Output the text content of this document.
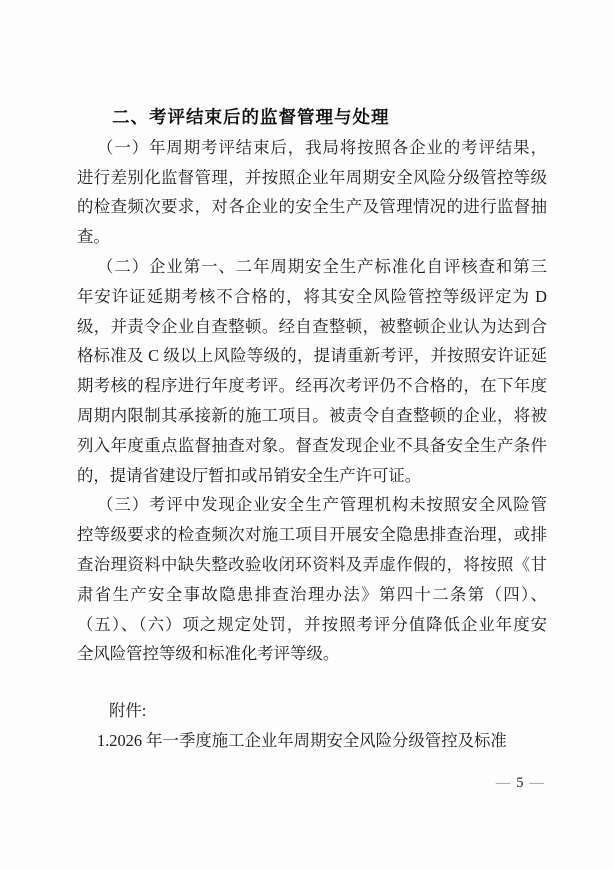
二、考评结束后的监督管理与处理
（一）年周期考评结束后，我局将按照各企业的考评结果，
进行差别化监督管理，并按照企业年周期安全风险分级管控等级
的检查频次要求，对各企业的安全生产及管理情况的进行监督抽
查。
（二）企业第一、二年周期安全生产标准化自评核查和第三
年安许证延期考核不合格的，将其安全风险管控等级评定为 D
级，并责令企业自查整顿。经自查整顿，被整顿企业认为达到合
格标准及 C 级以上风险等级的，提请重新考评，并按照安许证延
期考核的程序进行年度考评。经再次考评仍不合格的，在下年度
周期内限制其承接新的施工项目。被责令自查整顿的企业，将被
列入年度重点监督抽查对象。督查发现企业不具备安全生产条件
的，提请省建设厅暂扣或吊销安全生产许可证。
（三）考评中发现企业安全生产管理机构未按照安全风险管
控等级要求的检查频次对施工项目开展安全隐患排查治理，或排
查治理资料中缺失整改验收闭环资料及弄虚作假的，将按照《甘
肃省生产安全事故隐患排查治理办法》第四十二条第（四）、
（五）、（六）项之规定处罚，并按照考评分值降低企业年度安
全风险管控等级和标准化考评等级。
附件:
1.2026 年一季度施工企业年周期安全风险分级管控及标准
— 5 —
